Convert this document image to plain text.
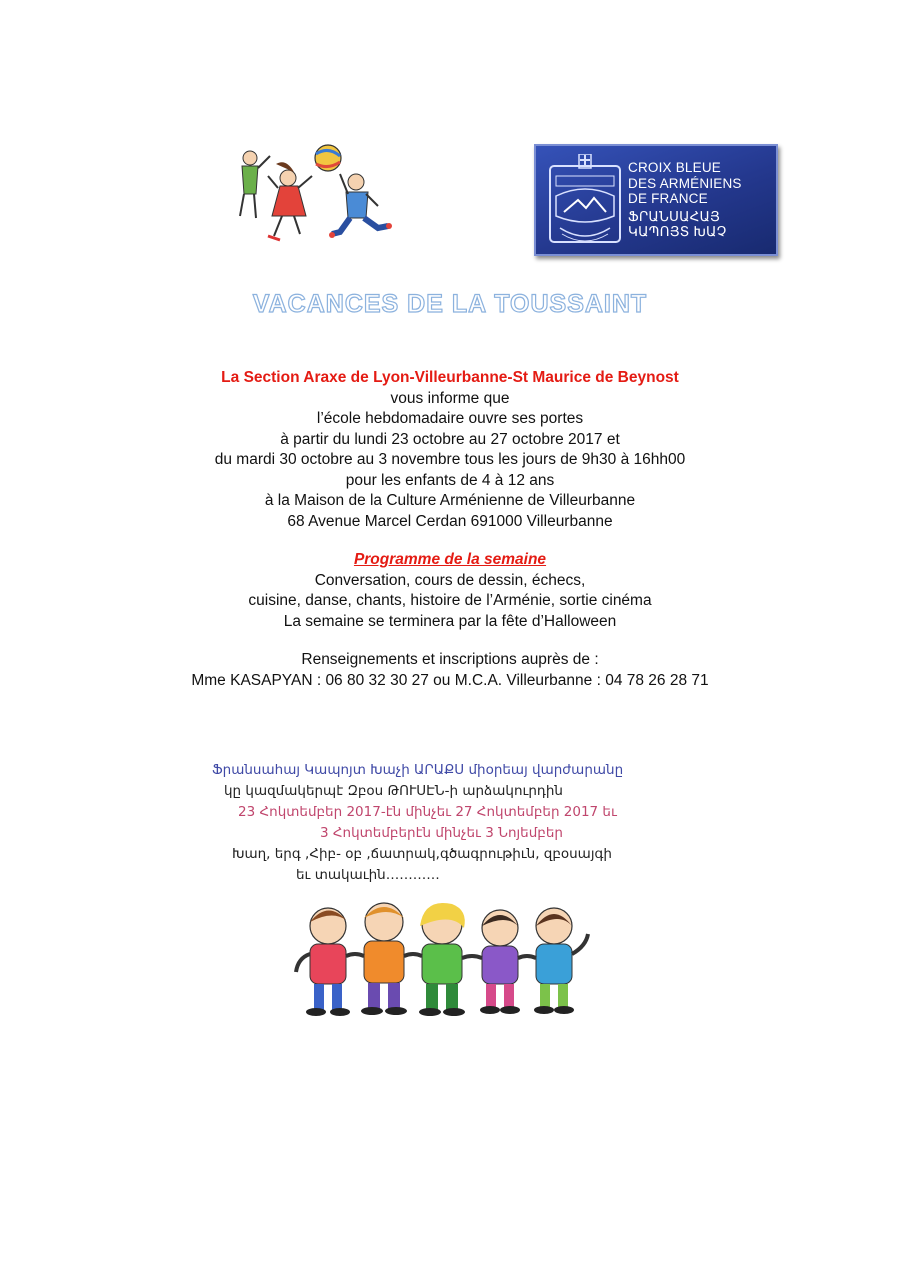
CROIX BLEUE
DES ARMÉNIENS
DE FRANCE
ՖՐԱՆՍԱՀԱՅ
ԿԱՊՈՅՏ ԽԱՉ
VACANCES DE LA TOUSSAINT
La Section Araxe de Lyon-Villeurbanne-St Maurice de Beynost
vous informe que
l’école hebdomadaire ouvre ses portes
à partir du lundi 23 octobre au 27 octobre 2017 et
du mardi 30 octobre au 3 novembre tous les jours de 9h30 à 16hh00
pour les enfants de 4 à 12 ans
à la Maison de la Culture Arménienne de Villeurbanne
68 Avenue Marcel Cerdan 691000 Villeurbanne
Programme de la semaine
Conversation, cours de dessin, échecs,
cuisine, danse, chants, histoire de l’Arménie, sortie cinéma
La semaine se terminera par la fête d’Halloween
Renseignements et inscriptions auprès de :
Mme KASAPYAN : 06 80 32 30 27 ou M.C.A. Villeurbanne : 04 78 26 28 71
Ֆրանսահայ Կապոյտ Խաչի ԱՐԱՔՍ միօրեայ վարժարանը
կը կազմակերպէ Զբօս ԹՈՒՍԷՆ-ի արձակուրդին
23 Հոկտեմբեր 2017-էն մինչեւ 27 Հոկտեմբեր 2017 եւ
3 Հոկտեմբերէն մինչեւ 3 Նոյեմբեր
Խաղ, երգ ,Հիբ- օբ ,ճատրակ,գծագրութիւն, զբօսայգի
եւ տակաւին…………
